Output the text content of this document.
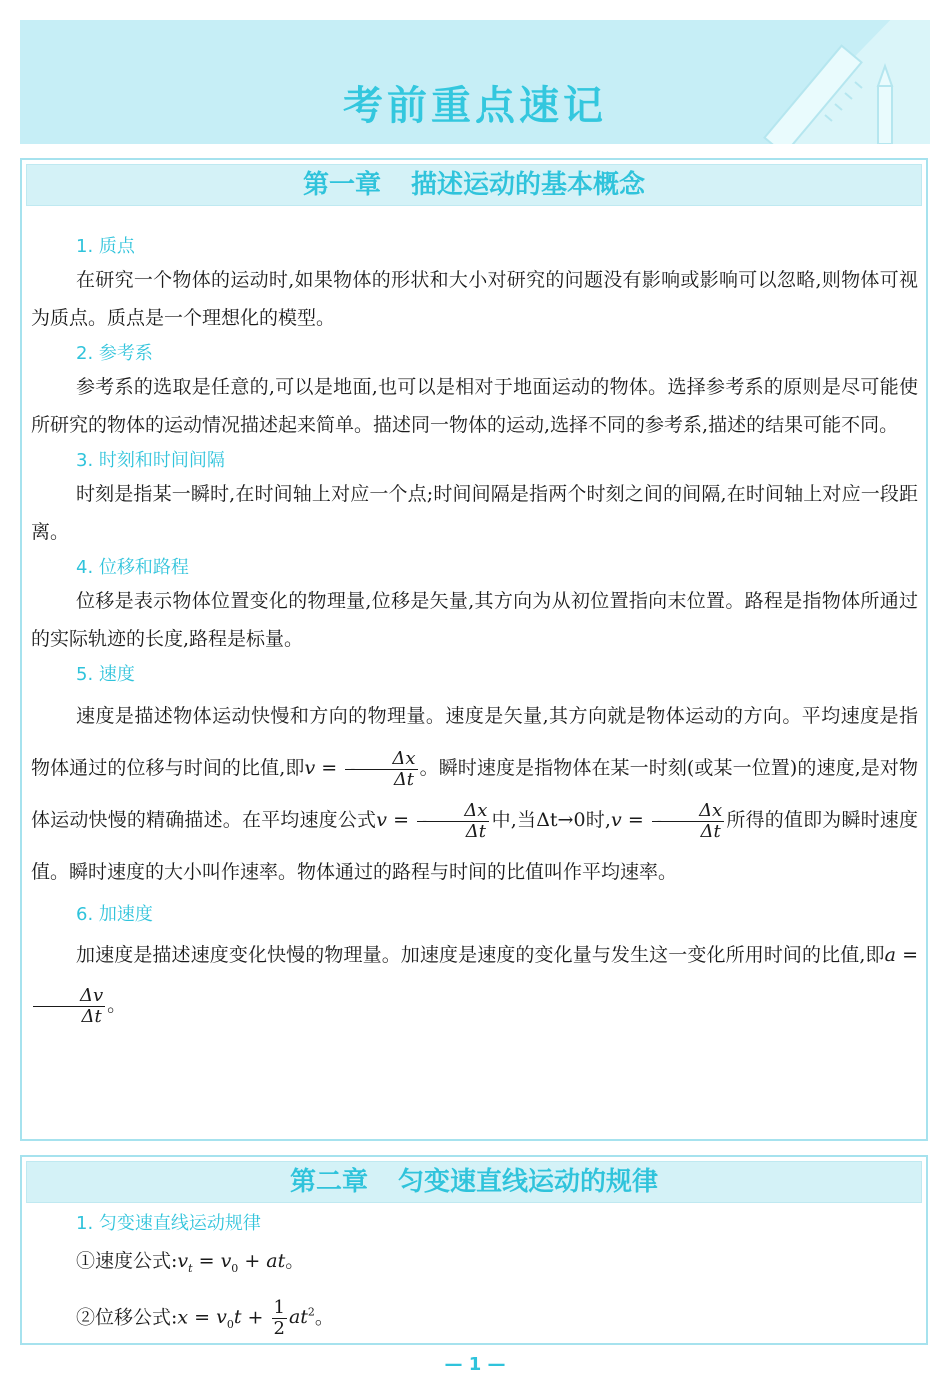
考前重点速记
第一章 描述运动的基本概念
1. 质点

在研究一个物体的运动时,如果物体的形状和大小对研究的问题没有影响或影响可以忽略,则物体可视为质点。质点是一个理想化的模型。

2. 参考系

参考系的选取是任意的,可以是地面,也可以是相对于地面运动的物体。选择参考系的原则是尽可能使所研究的物体的运动情况描述起来简单。描述同一物体的运动,选择不同的参考系,描述的结果可能不同。

3. 时刻和时间间隔

时刻是指某一瞬时,在时间轴上对应一个点;时间间隔是指两个时刻之间的间隔,在时间轴上对应一段距离。

4. 位移和路程

位移是表示物体位置变化的物理量,位移是矢量,其方向为从初位置指向末位置。路程是指物体所通过的实际轨迹的长度,路程是标量。

5. 速度

速度是描述物体运动快慢和方向的物理量。速度是矢量,其方向就是物体运动的方向。平均速度是指物体通过的位移与时间的比值,即- $v = \frac{\Delta x}{\Delta t}$ 。瞬时速度是指物体在某一时刻(或某一位置)的速度,是对物体运动快慢的精确描述。在平均速度公式- $v = \frac{\Delta x}{\Delta t}$ 中,当Δt→0时,- $v = \frac{\Delta x}{\Delta t}$ 所得的值即为瞬时速度值。瞬时速度的大小叫作速率。物体通过的路程与时间的比值叫作平均速率。

6. 加速度

加速度是描述速度变化快慢的物理量。加速度是速度的变化量与发生这一变化所用时间的比值,即a =
$\frac{\Delta v}{\Delta t}$ 。

第二章 匀变速直线运动的规律
1. 匀变速直线运动规律
①速度公式$:v_t = v_0$ + at。
②位移公式:x = $v_0t + \frac{1}{2} at^2$。
— 1 —
